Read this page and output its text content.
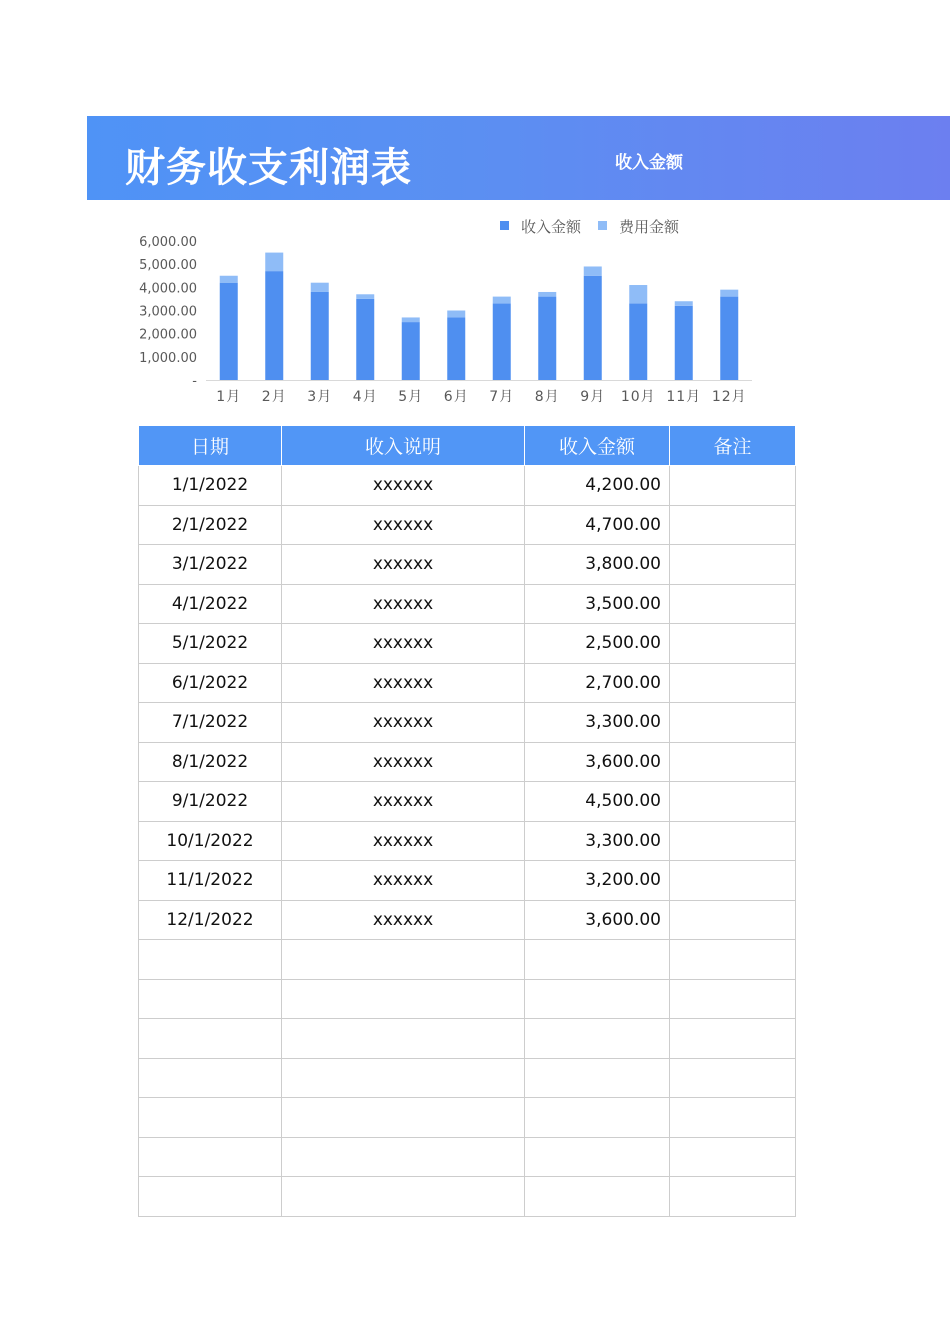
财务收支利润表	收入金额
-
1,000.00
2,000.00
3,000.00
4,000.00
5,000.00
6,000.00
1月 2月 3月 4月 5月 6月 7月 8月 9月 10月 11月 12月
收入金额	费用金额
日期	收入说明	收入金额	备注
1/1/2022	xxxxxx	4,200.00	
2/1/2022	xxxxxx	4,700.00	
3/1/2022	xxxxxx	3,800.00	
4/1/2022	xxxxxx	3,500.00	
5/1/2022	xxxxxx	2,500.00	
6/1/2022	xxxxxx	2,700.00	
7/1/2022	xxxxxx	3,300.00	
8/1/2022	xxxxxx	3,600.00	
9/1/2022	xxxxxx	4,500.00	
10/1/2022	xxxxxx	3,300.00	
11/1/2022	xxxxxx	3,200.00	
12/1/2022	xxxxxx	3,600.00	
